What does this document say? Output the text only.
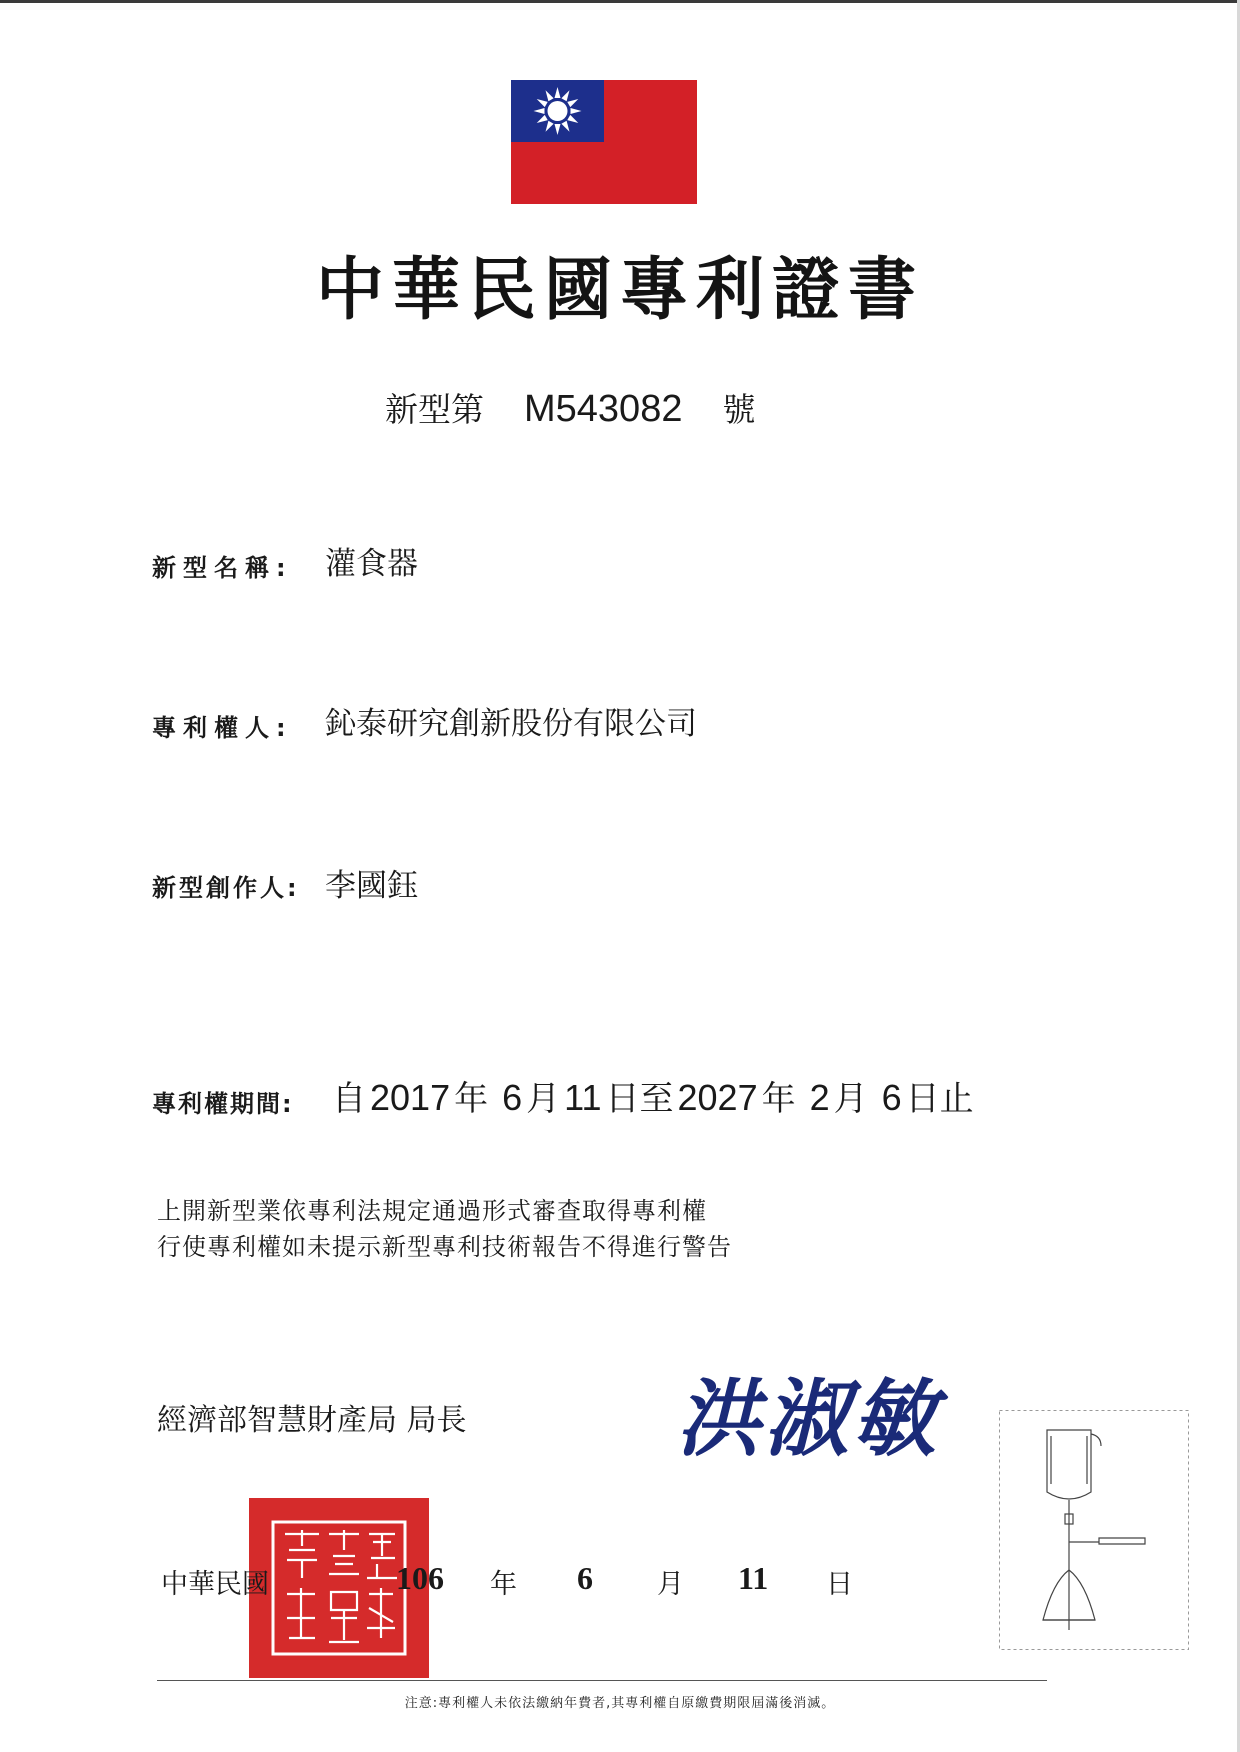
中華民國專利證書
新型第 M543082 號
新型名稱: 灌食器
專利權人: 鈊泰研究創新股份有限公司
新型創作人: 李國鈺
專利權期間: 自 2017 年 6 月 11 日至 2027 年 2 月 6 日止
上開新型業依專利法規定通過形式審查取得專利權
行使專利權如未提示新型專利技術報告不得進行警告
經濟部智慧財產局 局長 洪淑敏
中華民國	106 年 6 月 11 日
注意:專利權人未依法繳納年費者,其專利權自原繳費期限屆滿後消滅。
